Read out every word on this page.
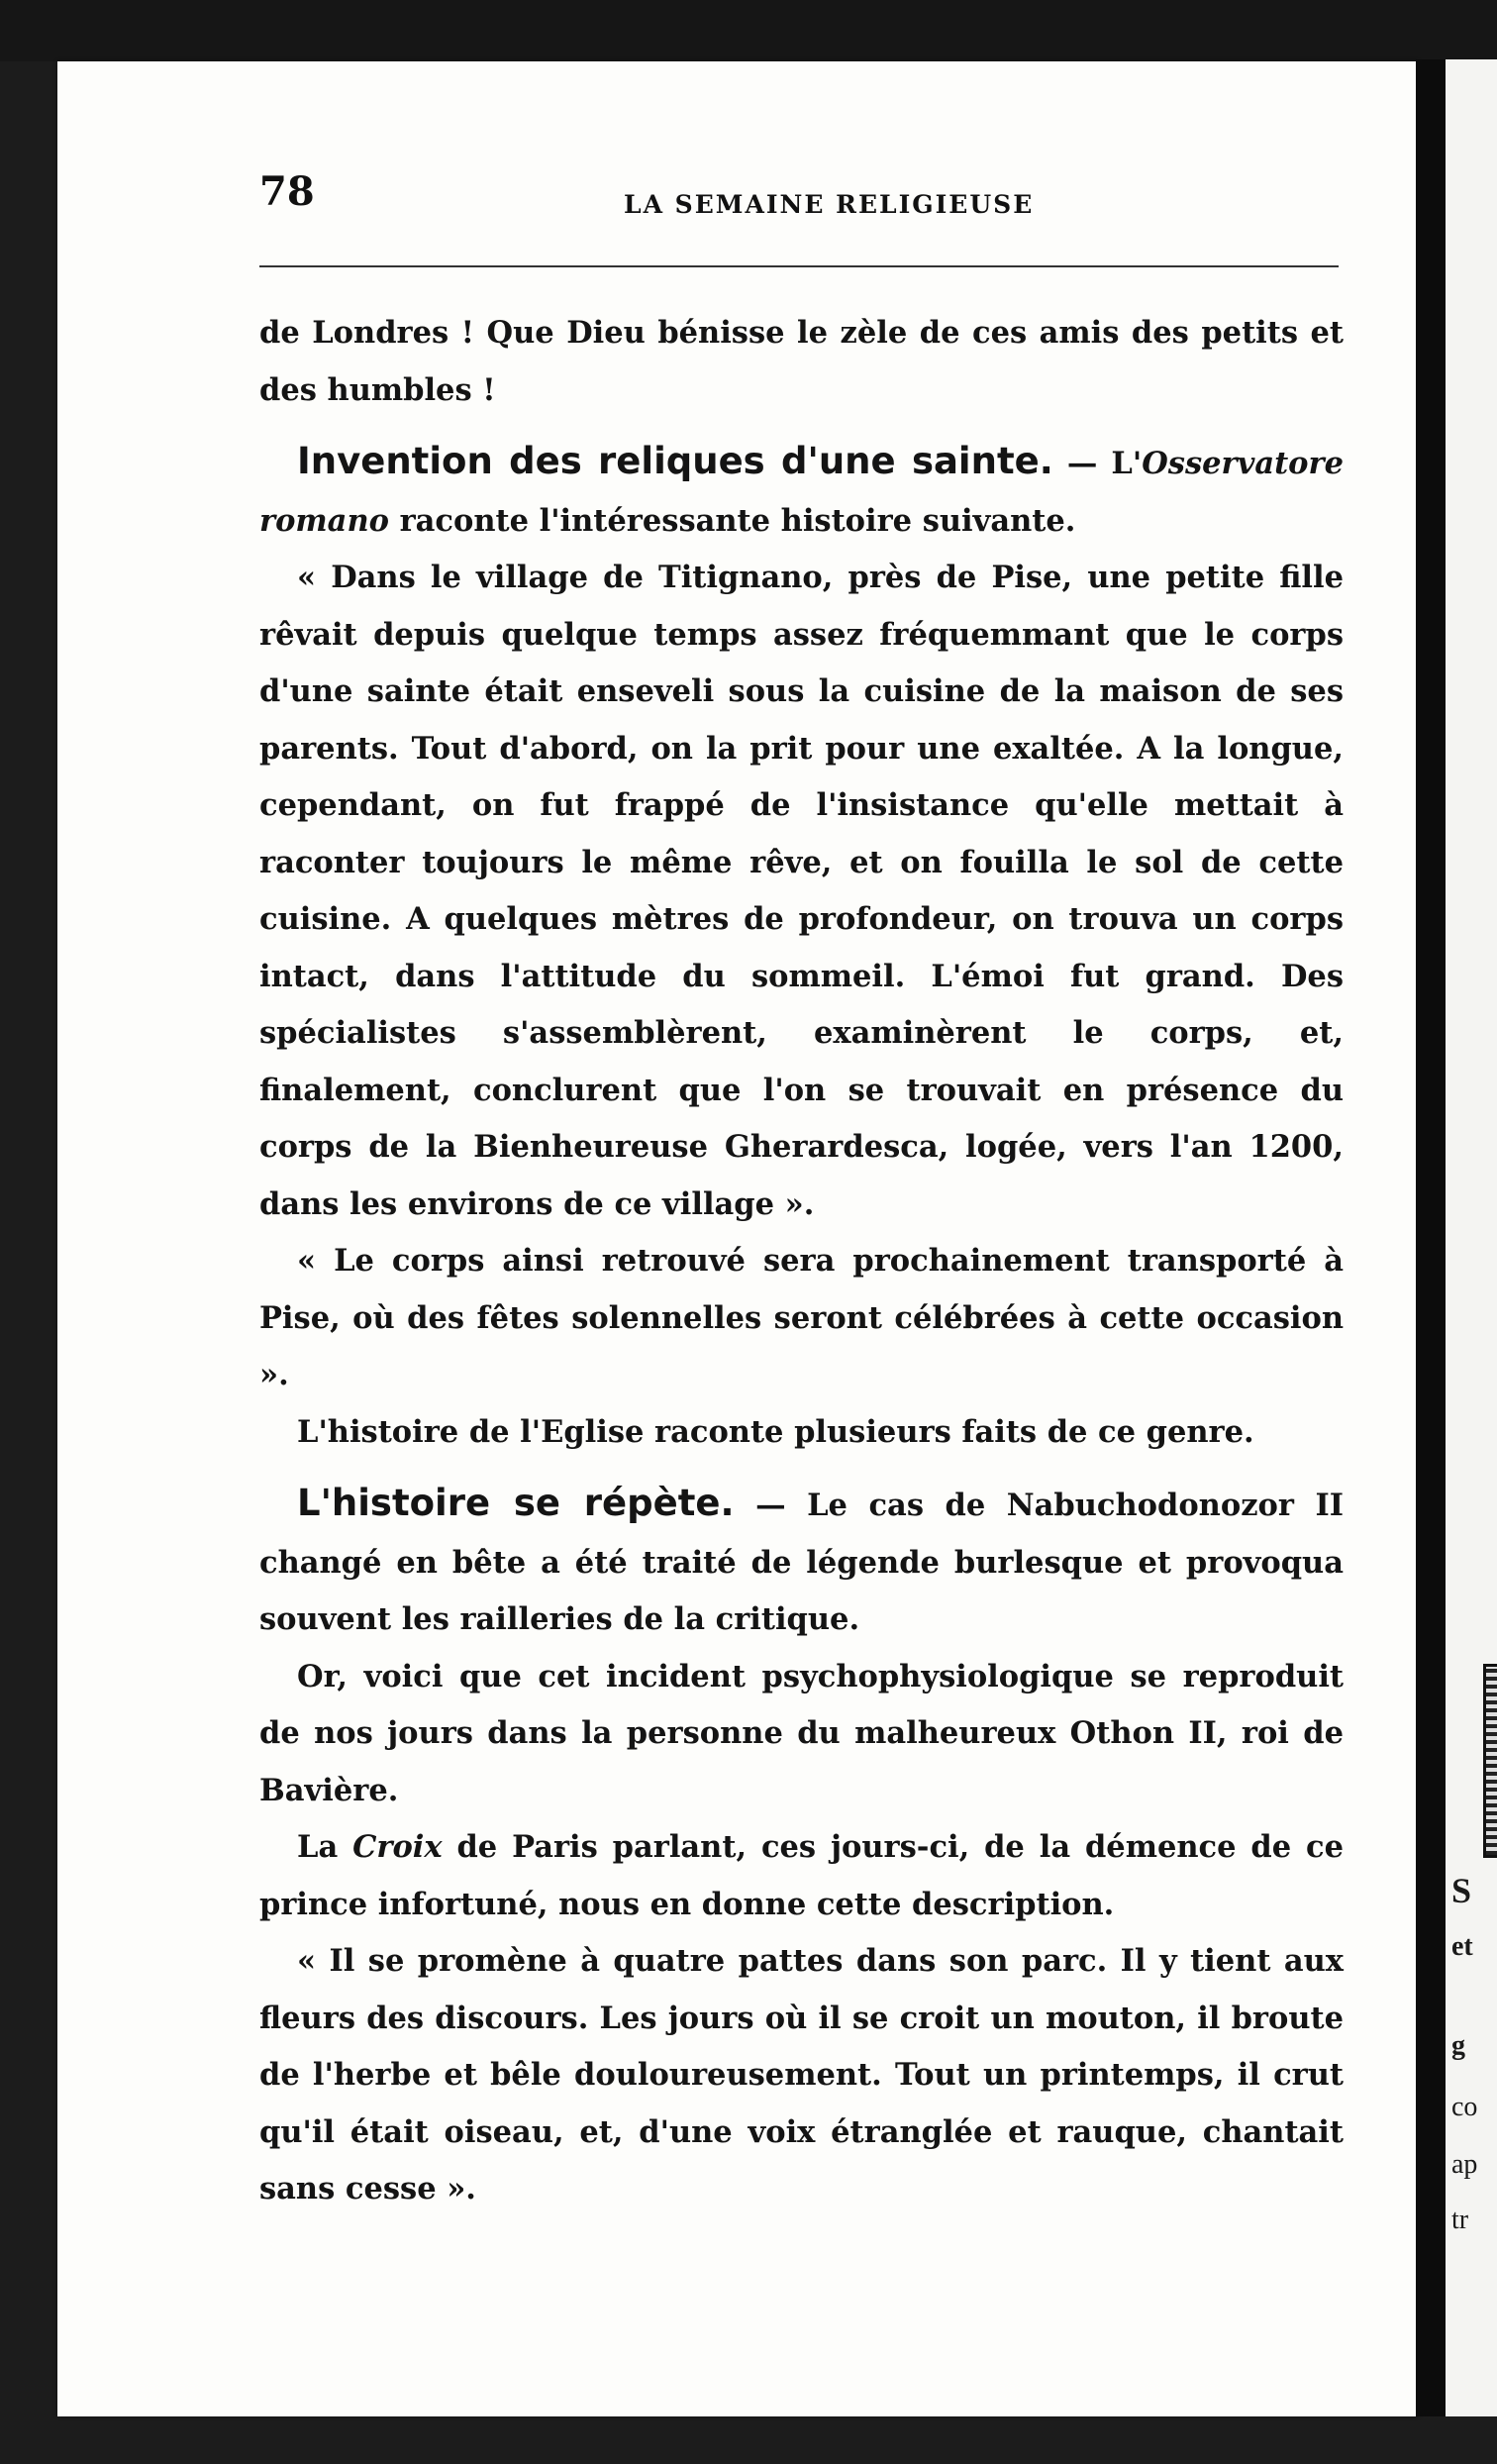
S
et
g
co
ap
tr
78	LA SEMAINE RELIGIEUSE

de Londres ! Que Dieu bénisse le zèle de ces amis des petits et des humbles !

Invention des reliques d'une sainte. — L'Osservatore romano raconte l'intéressante histoire suivante.

« Dans le village de Titignano, près de Pise, une petite fille rêvait depuis quelque temps assez fréquemmant que le corps d'une sainte était enseveli sous la cuisine de la maison de ses parents. Tout d'abord, on la prit pour une exaltée. A la longue, cependant, on fut frappé de l'insistance qu'elle mettait à raconter toujours le même rêve, et on fouilla le sol de cette cuisine. A quelques mètres de profondeur, on trouva un corps intact, dans l'attitude du sommeil. L'émoi fut grand. Des spécialistes s'assemblèrent, examinèrent le corps, et, finalement, conclurent que l'on se trouvait en présence du corps de la Bienheureuse Gherardesca, logée, vers l'an 1200, dans les environs de ce village ».

« Le corps ainsi retrouvé sera prochainement transporté à Pise, où des fêtes solennelles seront célébrées à cette occasion ».

L'histoire de l'Eglise raconte plusieurs faits de ce genre.

L'histoire se répète. — Le cas de Nabuchodonozor II changé en bête a été traité de légende burlesque et provoqua souvent les railleries de la critique.

Or, voici que cet incident psychophysiologique se reproduit de nos jours dans la personne du malheureux Othon II, roi de Bavière.

La Croix de Paris parlant, ces jours-ci, de la démence de ce prince infortuné, nous en donne cette description.

« Il se promène à quatre pattes dans son parc. Il y tient aux fleurs des discours. Les jours où il se croit un mouton, il broute de l'herbe et bêle douloureusement. Tout un printemps, il crut qu'il était oiseau, et, d'une voix étranglée et rauque, chantait sans cesse ».
